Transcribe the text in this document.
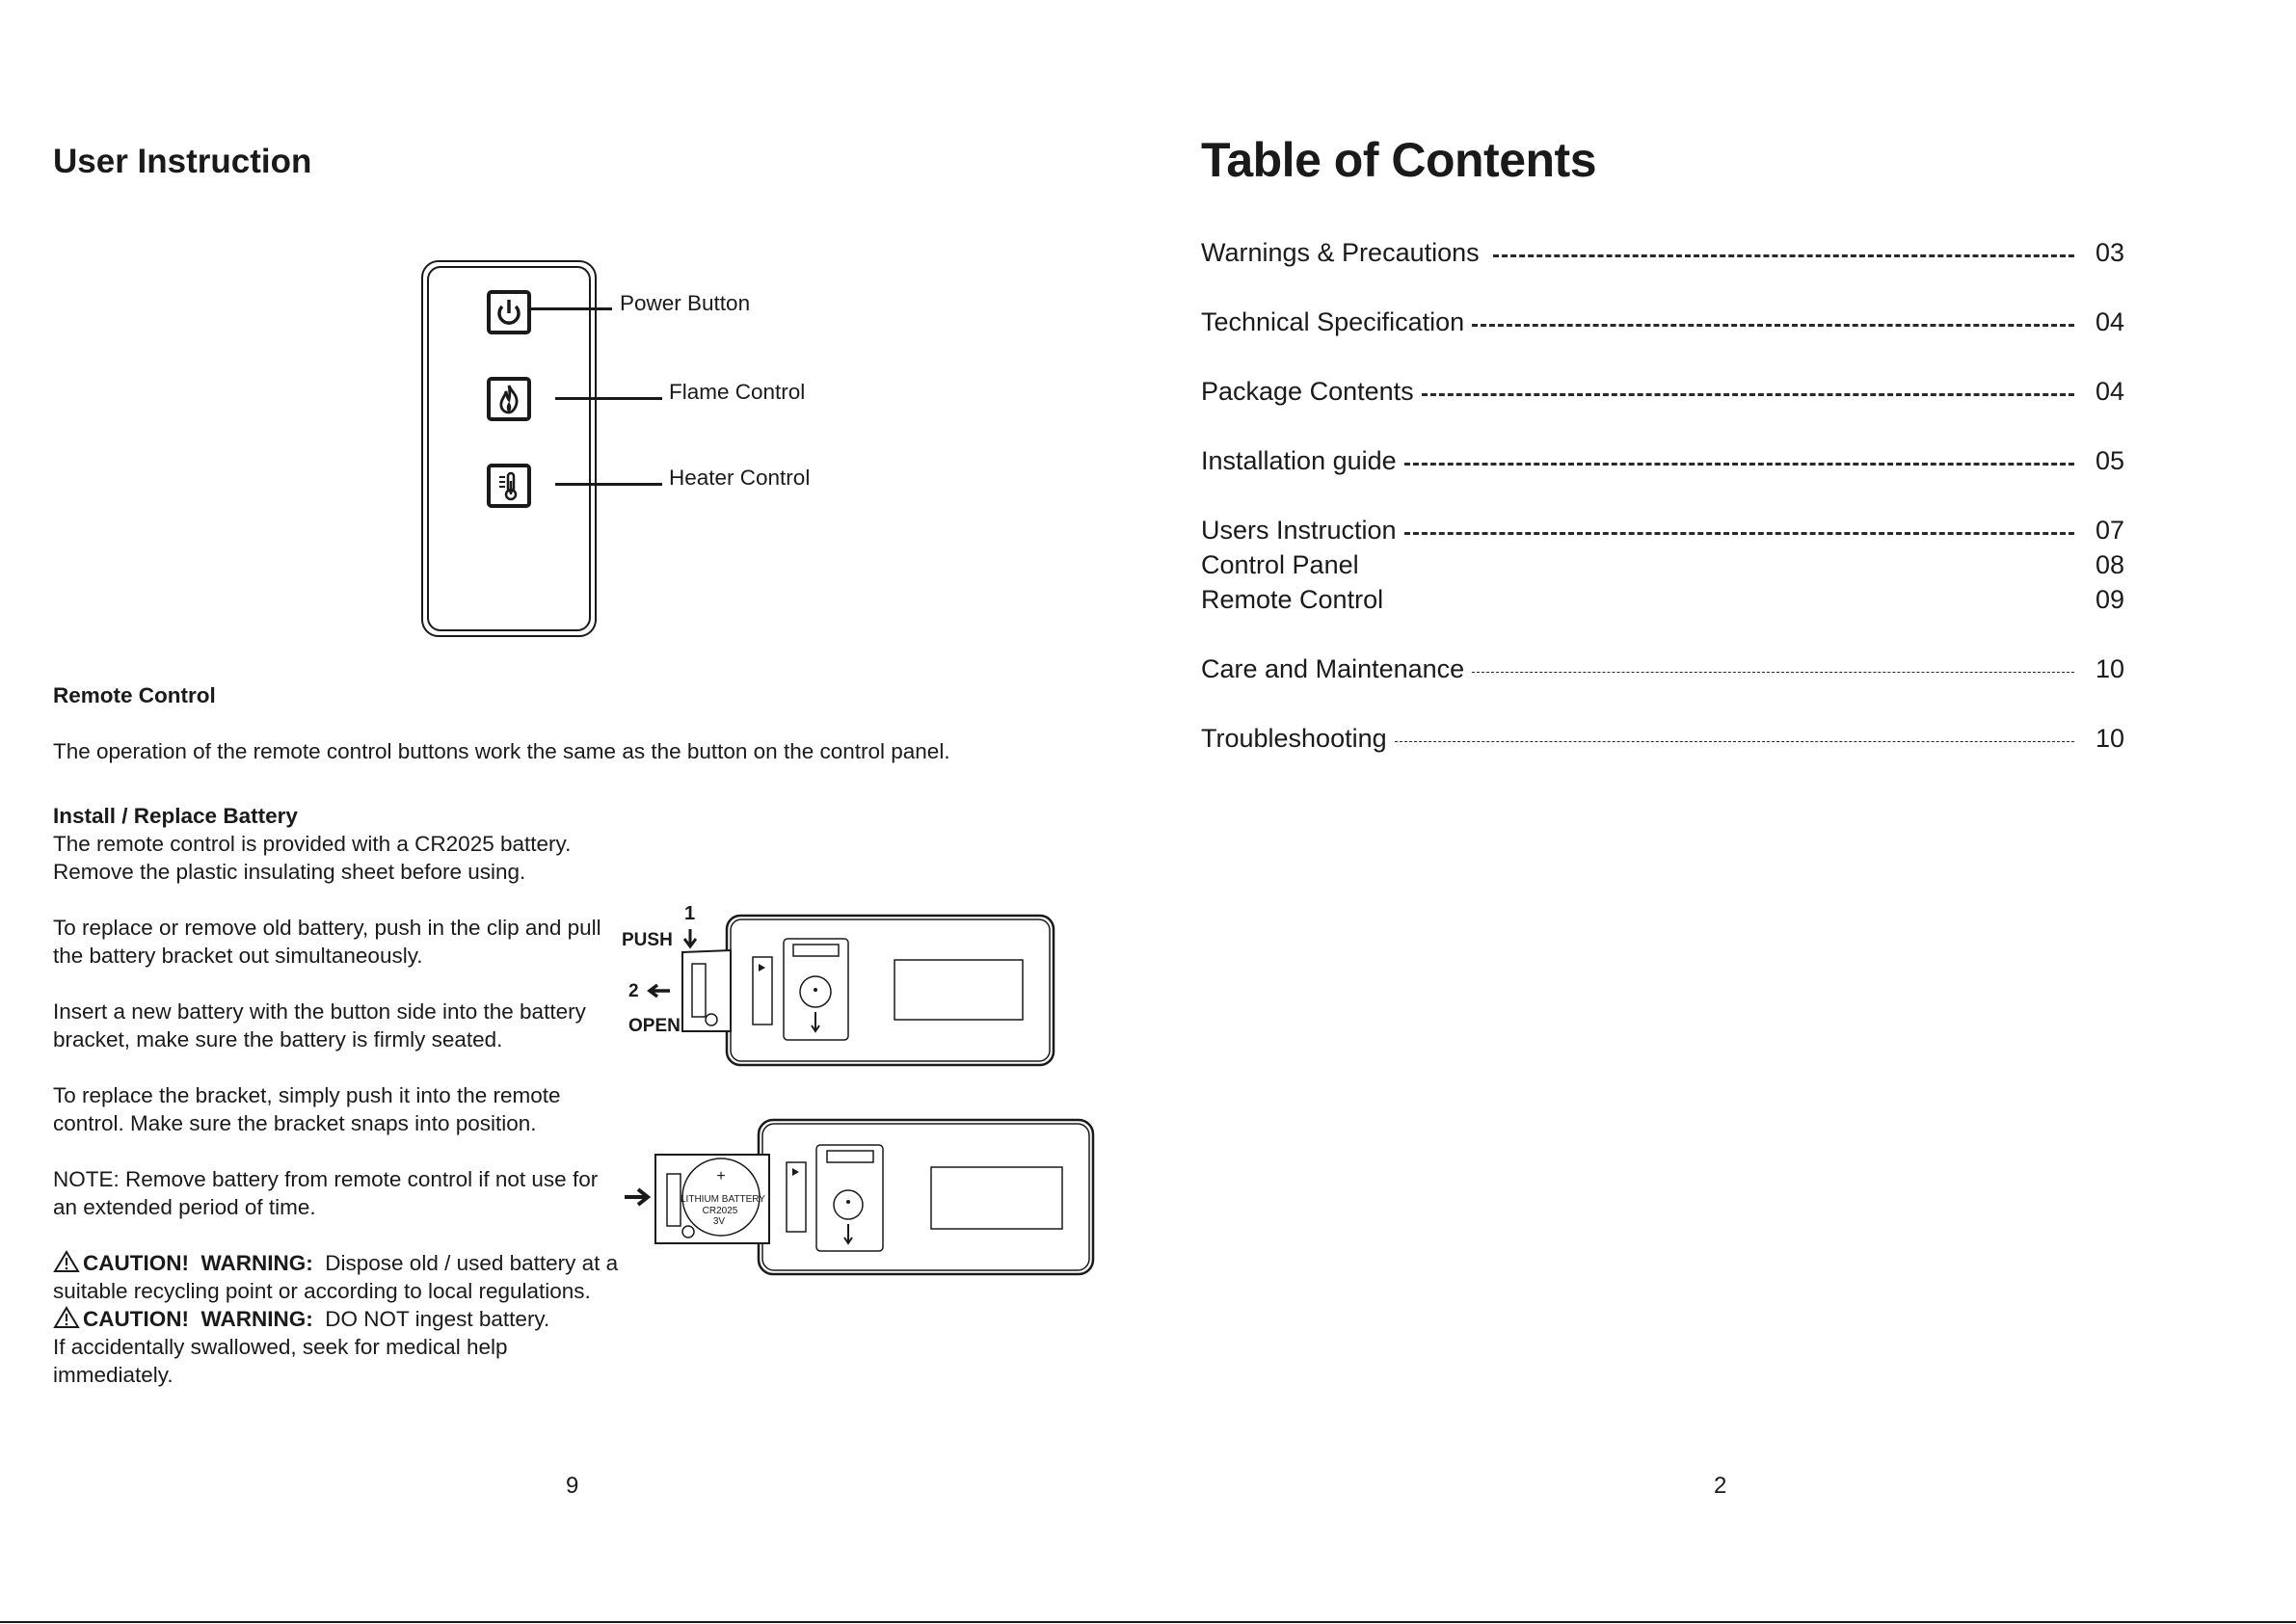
User Instruction
Power Button
Flame Control
Heater Control

Remote Control

The operation of the remote control buttons work the same as the button on the control panel.

Install / Replace Battery

The remote control is provided with a CR2025 battery.

Remove the plastic insulating sheet before using.

To replace or remove old battery, push in the clip and pull

the battery bracket out simultaneously.

Insert a new battery with the button side into the battery

bracket, make sure the battery is firmly seated.

To replace the bracket, simply push it into the remote

control. Make sure the bracket snaps into position.

NOTE: Remove battery from remote control if not use for

an extended period of time.

CAUTION! WARNING: Dispose old / used battery at a

suitable recycling point or according to local regulations.

CAUTION! WARNING: DO NOT ingest battery.

If accidentally swallowed, seek for medical help

immediately.

1
PUSH
2
OPEN
+
LITHIUM BATTERY
CR2025
3V
9
Table of Contents
Warnings & Precautions	03
Technical Specification	04
Package Contents	04
Installation guide	05
Users Instruction	07
Control Panel	08
Remote Control	09
Care and Maintenance	10
Troubleshooting	10
2
